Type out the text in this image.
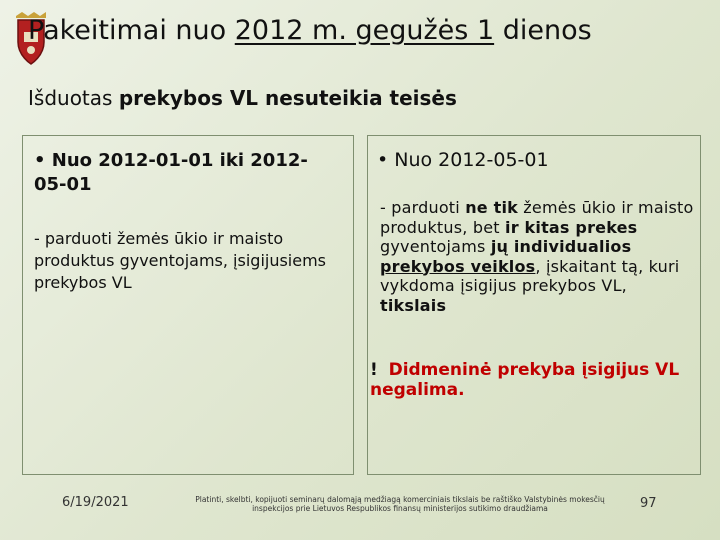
Pakeitimai nuo 2012 m. gegužės 1 dienos
Išduotas prekybos VL nesuteikia teisės
• Nuo 2012-01-01 iki 2012-05-01
- parduoti žemės ūkio ir maisto produktus gyventojams, įsigijusiems prekybos VL
• Nuo 2012-05-01
- parduoti ne tik žemės ūkio ir maisto produktus, bet ir kitas prekes gyventojams jų individualios prekybos veiklos, įskaitant tą, kuri vykdoma įsigijus prekybos VL, tikslais
! Didmeninė prekyba įsigijus VL negalima.
6/19/2021	Platinti, skelbti, kopijuoti seminarų dalomąją medžiagą komerciniais tikslais be raštiško Valstybinės mokesčių inspekcijos prie Lietuvos Respublikos finansų ministerijos sutikimo draudžiama	97
